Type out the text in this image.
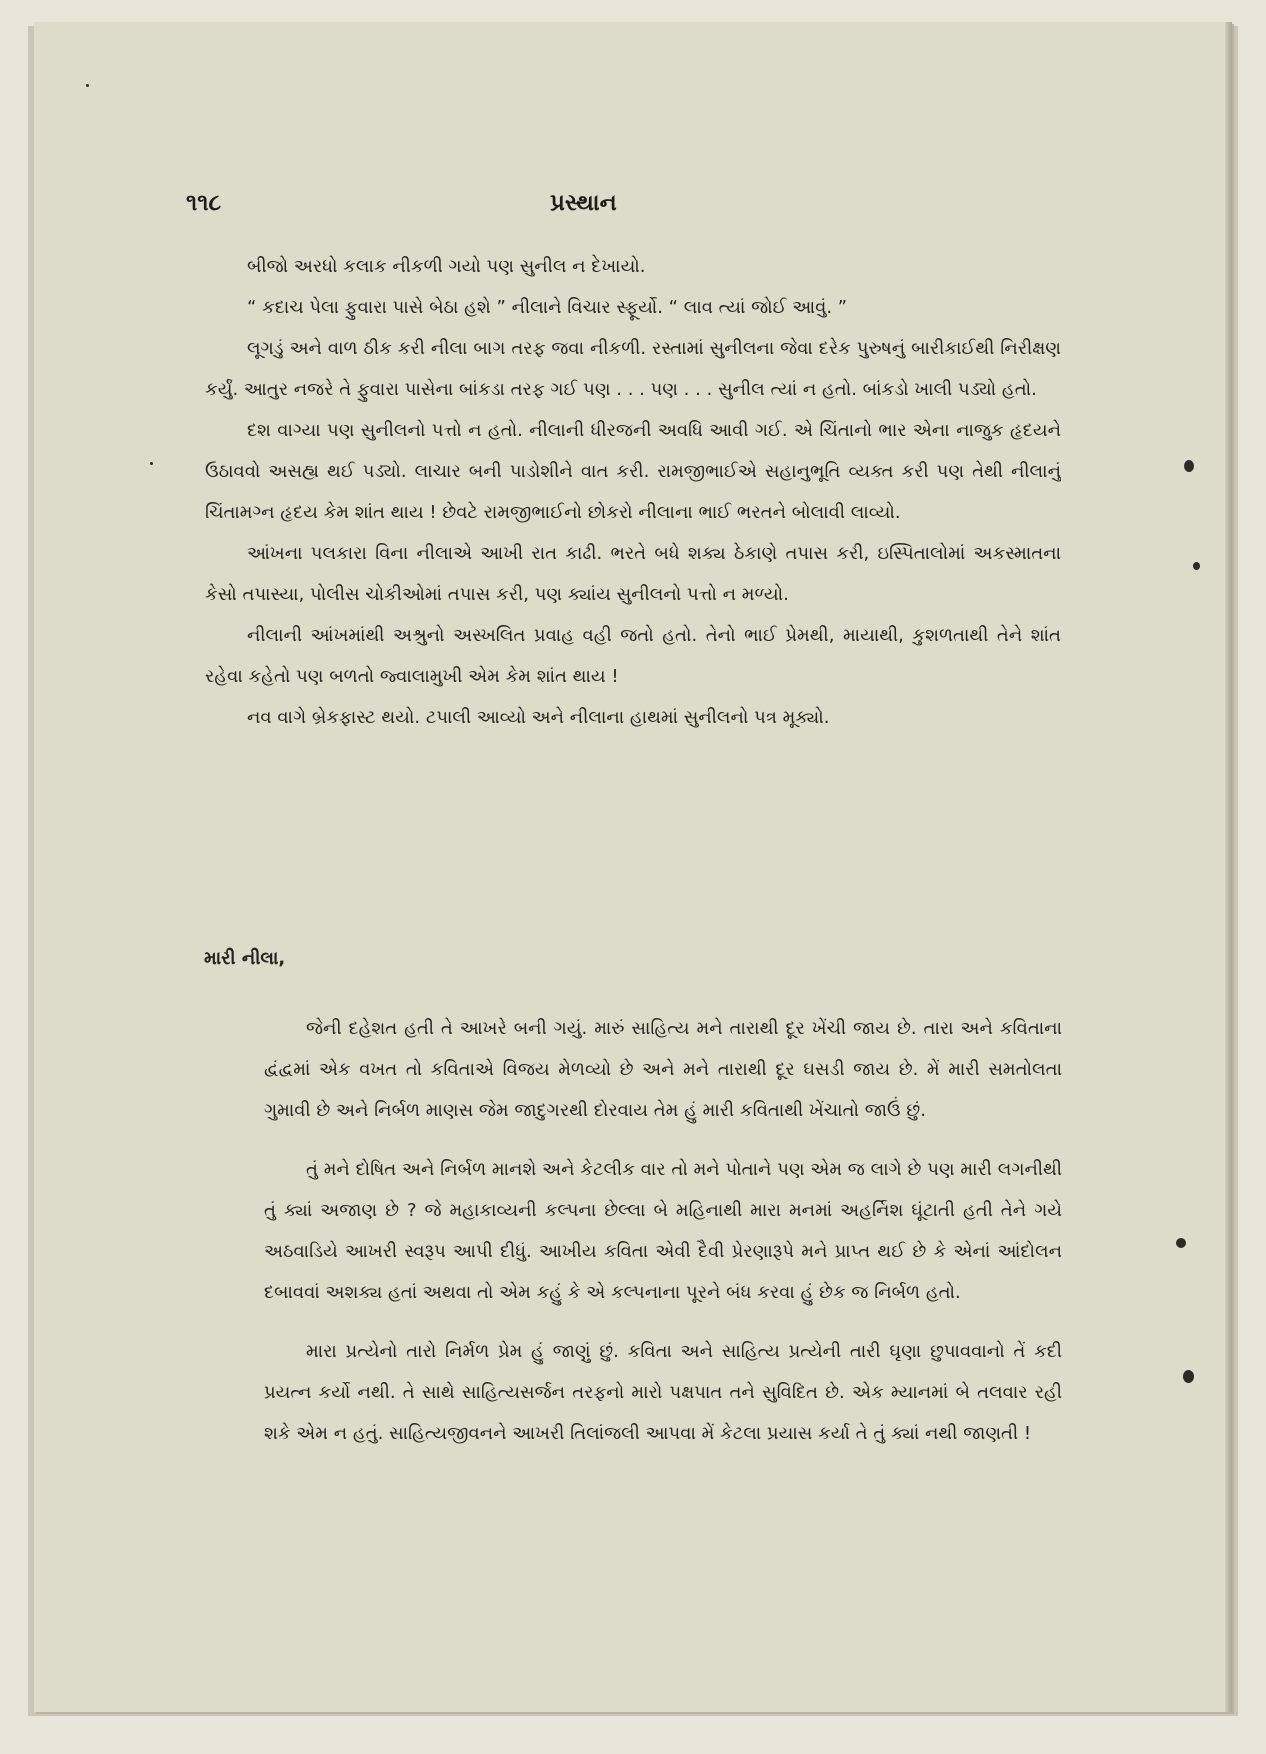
૧૧૮	પ્રસ્થાન

બીજો અરધો કલાક નીકળી ગયો પણ સુનીલ ન દેખાયો.

“ કદાચ પેલા ફુવારા પાસે બેઠા હશે ” નીલાને વિચાર સ્ફૂર્યો. “ લાવ ત્યાં જોઈ આવું. ”

લૂગડું અને વાળ ઠીક કરી નીલા બાગ તરફ જવા નીકળી. રસ્તામાં સુનીલના જેવા દરેક પુરુષનું બારીકાઈથી નિરીક્ષણ કર્યું. આતુર નજરે તે ફુવારા પાસેના બાંકડા તરફ ગઈ પણ . . . પણ . . . સુનીલ ત્યાં ન હતો. બાંકડો ખાલી પડ્યો હતો.

દશ વાગ્યા પણ સુનીલનો પત્તો ન હતો. નીલાની ધીરજની અવધિ આવી ગઈ. એ ચિંતાનો ભાર એના નાજુક હૃદયને ઉઠાવવો અસહ્ય થઈ પડ્યો. લાચાર બની પાડોશીને વાત કરી. રામજીભાઈએ સહાનુભૂતિ વ્યક્ત કરી પણ તેથી નીલાનું ચિંતામગ્ન હૃદય કેમ શાંત થાય ! છેવટે રામજીભાઈનો છોકરો નીલાના ભાઈ ભરતને બોલાવી લાવ્યો.

આંખના પલકારા વિના નીલાએ આખી રાત કાઢી. ભરતે બધે શક્ય ઠેકાણે તપાસ કરી, ઇસ્પિતાલોમાં અકસ્માતના કેસો તપાસ્યા, પોલીસ ચોકીઓમાં તપાસ કરી, પણ ક્યાંય સુનીલનો પત્તો ન મળ્યો.

નીલાની આંખમાંથી અશ્રુનો અસ્ખલિત પ્રવાહ વહી જતો હતો. તેનો ભાઈ પ્રેમથી, માયાથી, કુશળતાથી તેને શાંત રહેવા કહેતો પણ બળતો જ્વાલામુખી એમ કેમ શાંત થાય !

નવ વાગે બ્રેકફાસ્ટ થયો. ટપાલી આવ્યો અને નીલાના હાથમાં સુનીલનો પત્ર મૂક્યો.

મારી નીલા,

જેની દહેશત હતી તે આખરે બની ગયું. મારું સાહિત્ય મને તારાથી દૂર ખેંચી જાય છે. તારા અને કવિતાના દ્વંદ્વમાં એક વખત તો કવિતાએ વિજય મેળવ્યો છે અને મને તારાથી દૂર ઘસડી જાય છે. મેં મારી સમતોલતા ગુમાવી છે અને નિર્બળ માણસ જેમ જાદુગરથી દોરવાય તેમ હું મારી કવિતાથી ખેંચાતો જાઉં છું.

તું મને દોષિત અને નિર્બળ માનશે અને કેટલીક વાર તો મને પોતાને પણ એમ જ લાગે છે પણ મારી લગનીથી તું ક્યાં અજાણ છે ? જે મહાકાવ્યની કલ્પના છેલ્લા બે મહિનાથી મારા મનમાં અહર્નિશ ઘૂંટાતી હતી તેને ગયે અઠવાડિયે આખરી સ્વરૂપ આપી દીધું. આખીય કવિતા એવી દૈવી પ્રેરણારૂપે મને પ્રાપ્ત થઈ છે કે એનાં આંદોલન દબાવવાં અશક્ય હતાં અથવા તો એમ કહું કે એ કલ્પનાના પૂરને બંધ કરવા હું છેક જ નિર્બળ હતો.

મારા પ્રત્યેનો તારો નિર્મળ પ્રેમ હું જાણું છું. કવિતા અને સાહિત્ય પ્રત્યેની તારી ઘૃણા છુપાવવાનો તેં કદી પ્રયત્ન કર્યો નથી. તે સાથે સાહિત્યસર્જન તરફનો મારો પક્ષપાત તને સુવિદિત છે. એક મ્યાનમાં બે તલવાર રહી શકે એમ ન હતું. સાહિત્યજીવનને આખરી તિલાંજલી આપવા મેં કેટલા પ્રયાસ કર્યા તે તું ક્યાં નથી જાણતી !
